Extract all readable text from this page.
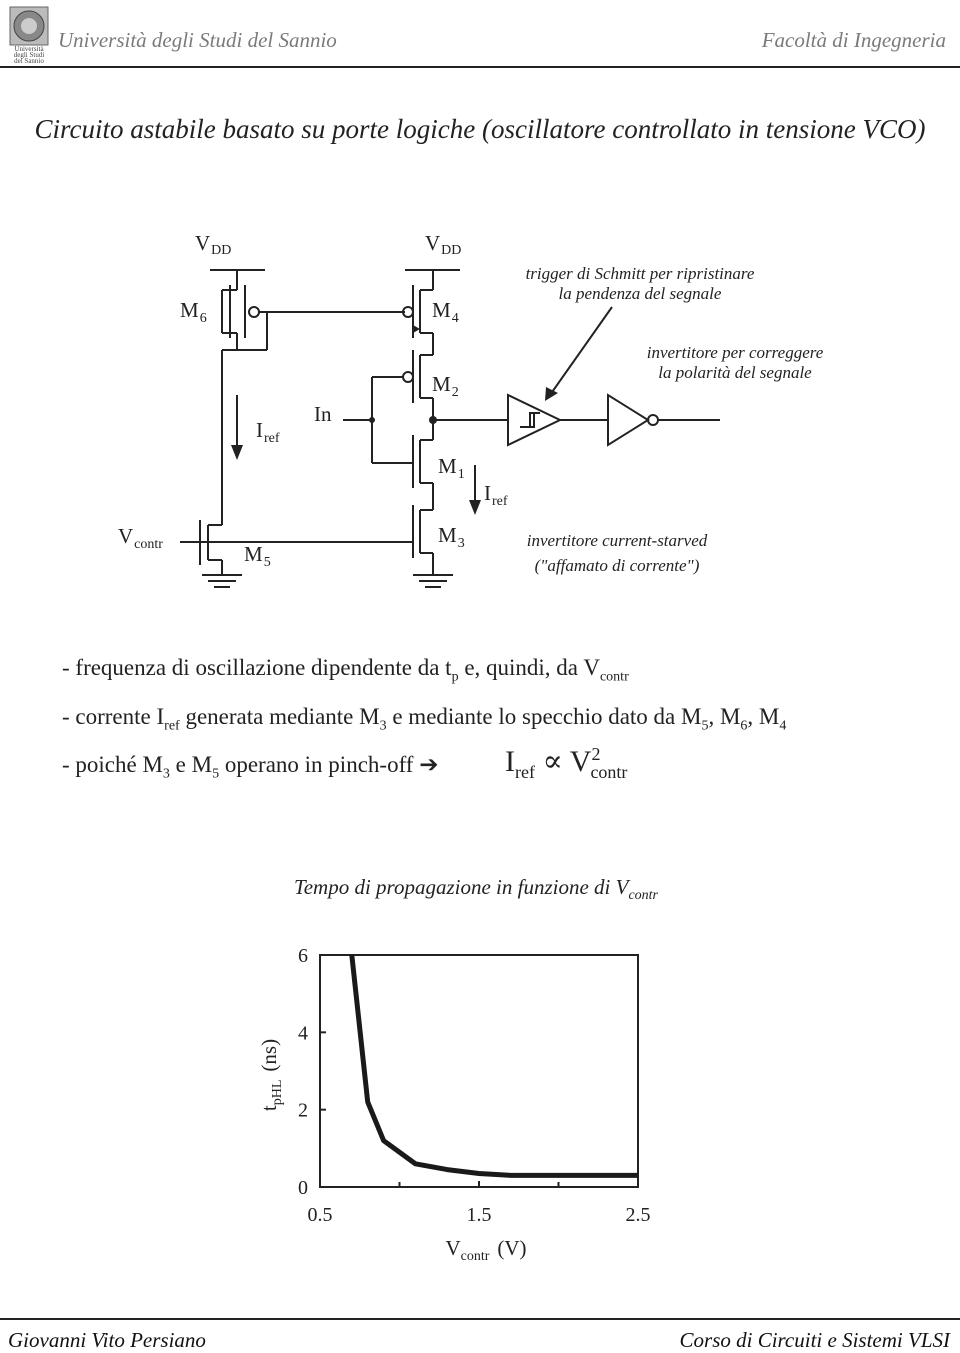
Università
degli Studi
del Sannio
Università degli Studi del Sannio	Facoltà di Ingegneria
Circuito astabile basato su porte logiche (oscillatore controllato in tensione VCO)
VDD	VDD
$M_6$	$M_4$
$M_2$
$M_1$
$M_3$
$M_5$
$I_{ref}$
$I_{ref}$
$V_{contr}$
In
trigger di Schmitt per ripristinare
la pendenza del segnale
invertitore per correggere
la polarità del segnale
invertitore current-starved
("affamato di corrente")
- frequenza di oscillazione dipendente da $t_p$ e, quindi, da $V_{contr}$
- corrente $I_{ref}$ generata mediante $M_3$ e mediante lo specchio dato da $M_5$, $M_6$, $M_4$
- poiché $M_3$ e $M_5$ operano in pinch-off ➔ $I_{ref} \propto V^2_{contr}$
Tempo di propagazione in funzione di $V_{contr}$
0.5	1.5	2.5
0
2
4
6
$V_{contr}$ (V)
$t_{pHL}(ns)$
Giovanni Vito Persiano	Corso di Circuiti e Sistemi VLSI
